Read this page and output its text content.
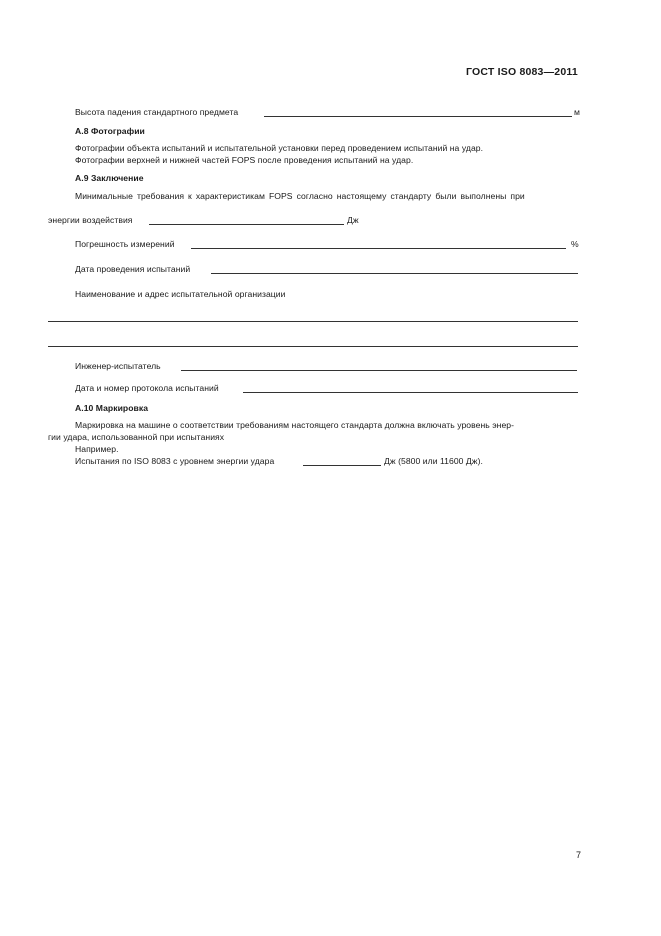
ГОСТ ISO 8083—2011
Высота падения стандартного предмета	м
А.8 Фотографии
Фотографии объекта испытаний и испытательной установки перед проведением испытаний на удар.
Фотографии верхней и нижней частей FOPS после проведения испытаний на удар.
А.9 Заключение
Минимальные требования к характеристикам FOPS согласно настоящему стандарту были выполнены при
энергии воздействия	Дж
Погрешность измерений	%
Дата проведения испытаний
Наименование и адрес испытательной организации
Инженер-испытатель
Дата и номер протокола испытаний
А.10 Маркировка
Маркировка на машине о соответствии требованиям настоящего стандарта должна включать уровень энер-
гии удара, использованной при испытаниях
Например.
Испытания по ISO 8083 с уровнем энергии удара	Дж (5800 или 11600 Дж).
7
